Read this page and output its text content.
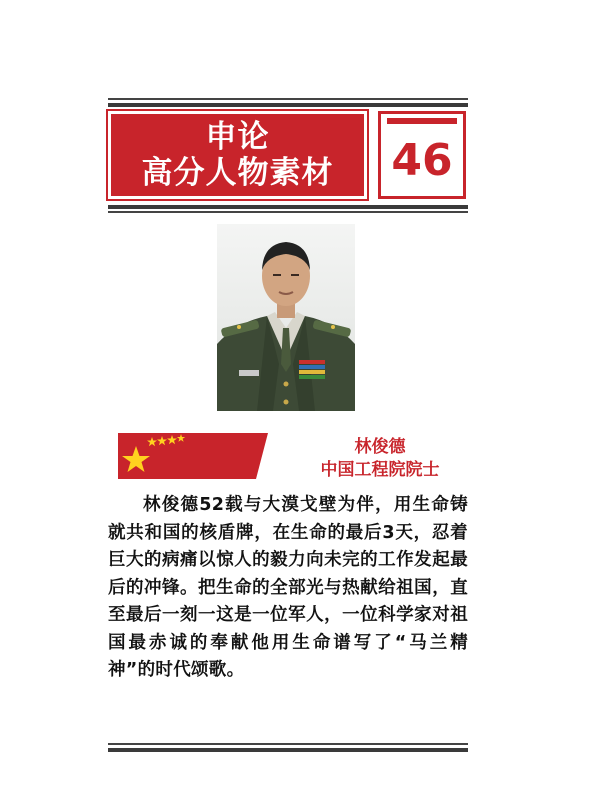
申论
高分人物素材 46
林俊德
中国工程院院士
林俊德52载与大漠戈壁为伴，用生命铸就共和国的核盾牌，在生命的最后3天，忍着巨大的病痛以惊人的毅力向未完的工作发起最后的冲锋。把生命的全部光与热献给祖国，直至最后一刻一这是一位军人，一位科学家对祖国最赤诚的奉献他用生命谱写了“马兰精神”的时代颂歌。
